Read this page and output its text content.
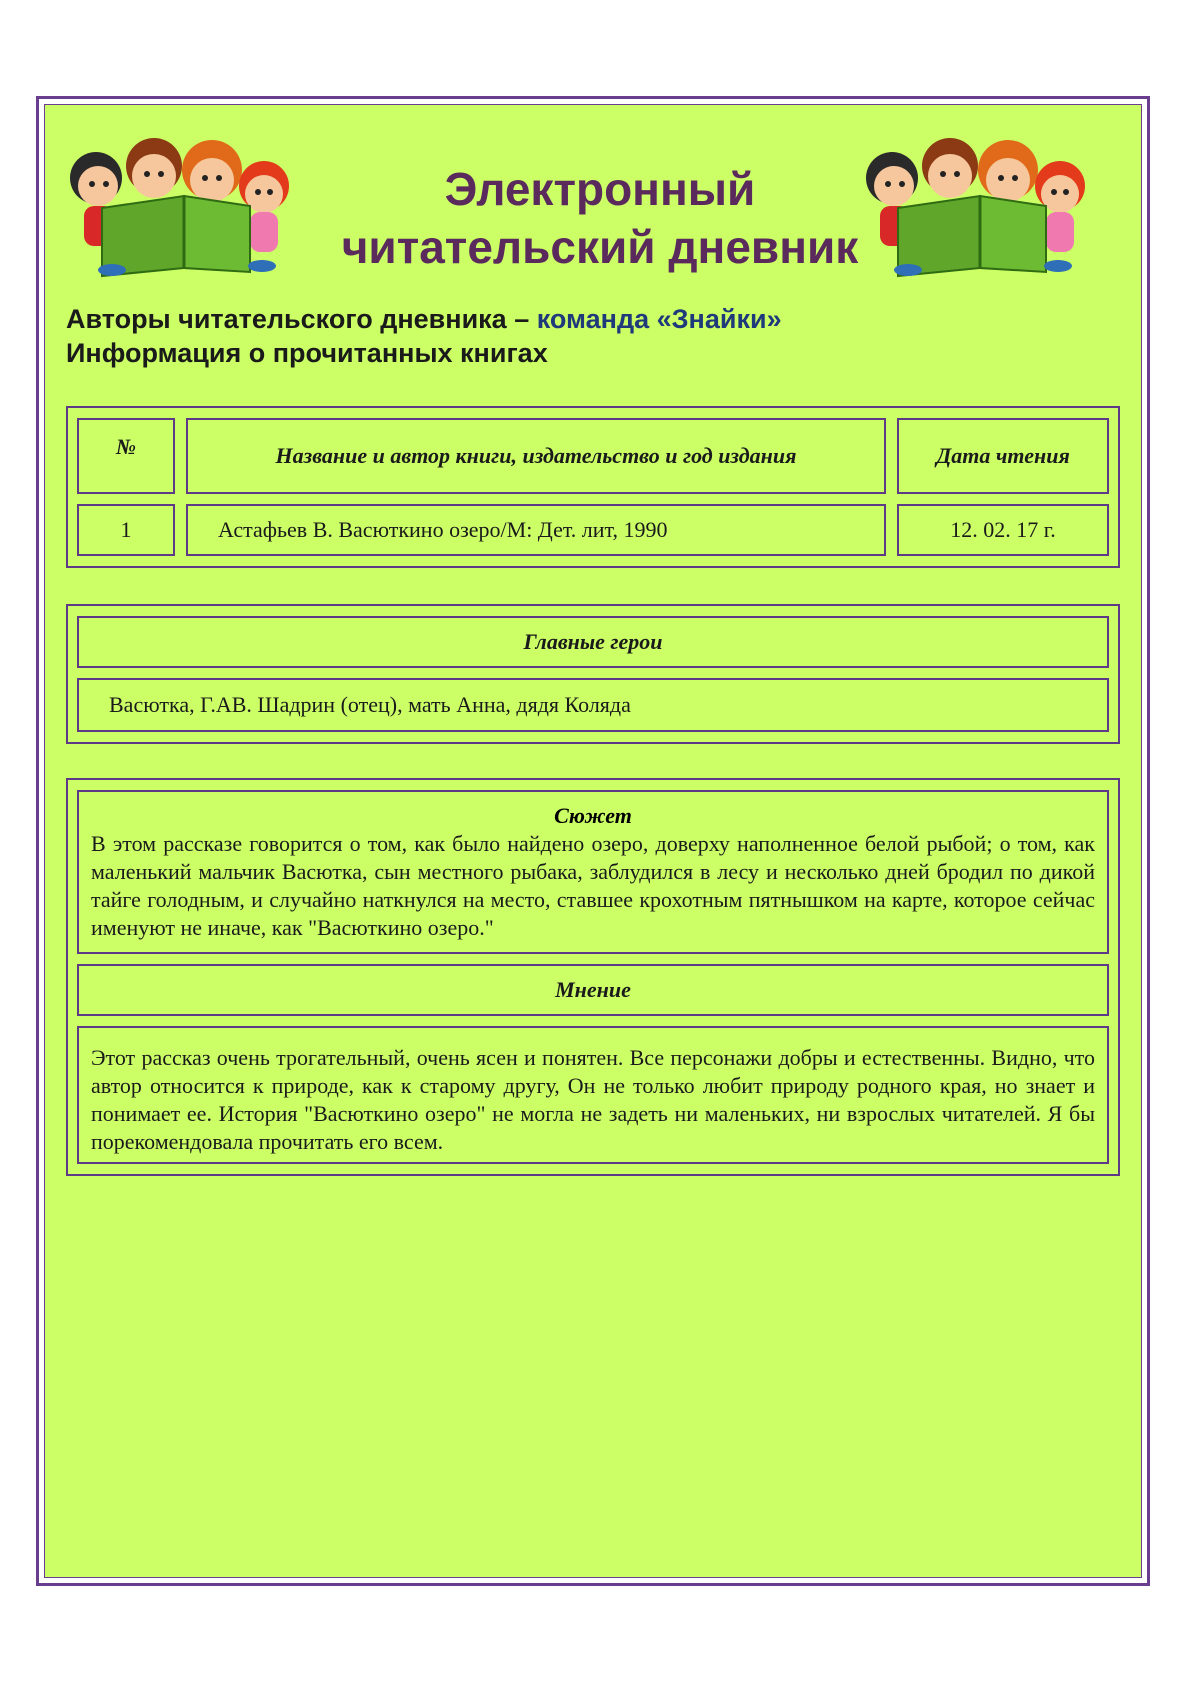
Электронный
читательский дневник
Авторы читательского дневника – команда «Знайки»
Информация о прочитанных книгах
№	Название и автор книги, издательство и год издания	Дата чтения
1	Астафьев В. Васюткино озеро/М: Дет. лит, 1990	12. 02. 17 г.
Главные герои
Васютка, Г.АВ. Шадрин (отец), мать Анна, дядя Коляда
Сюжет
В этом рассказе говорится о том, как было найдено озеро, доверху наполненное белой рыбой; о том, как маленький мальчик Васютка, сын местного рыбака, заблудился в лесу и несколько дней бродил по дикой тайге голодным, и случайно наткнулся на место, ставшее крохотным пятнышком на карте, которое сейчас именуют не иначе, как "Васюткино озеро."
Мнение
Этот рассказ очень трогательный, очень ясен и понятен. Все персонажи добры и естественны. Видно, что автор относится к природе, как к старому другу, Он не только любит природу родного края, но знает и понимает ее. История "Васюткино озеро" не могла не задеть ни маленьких, ни взрослых читателей. Я бы порекомендовала прочитать его всем.
